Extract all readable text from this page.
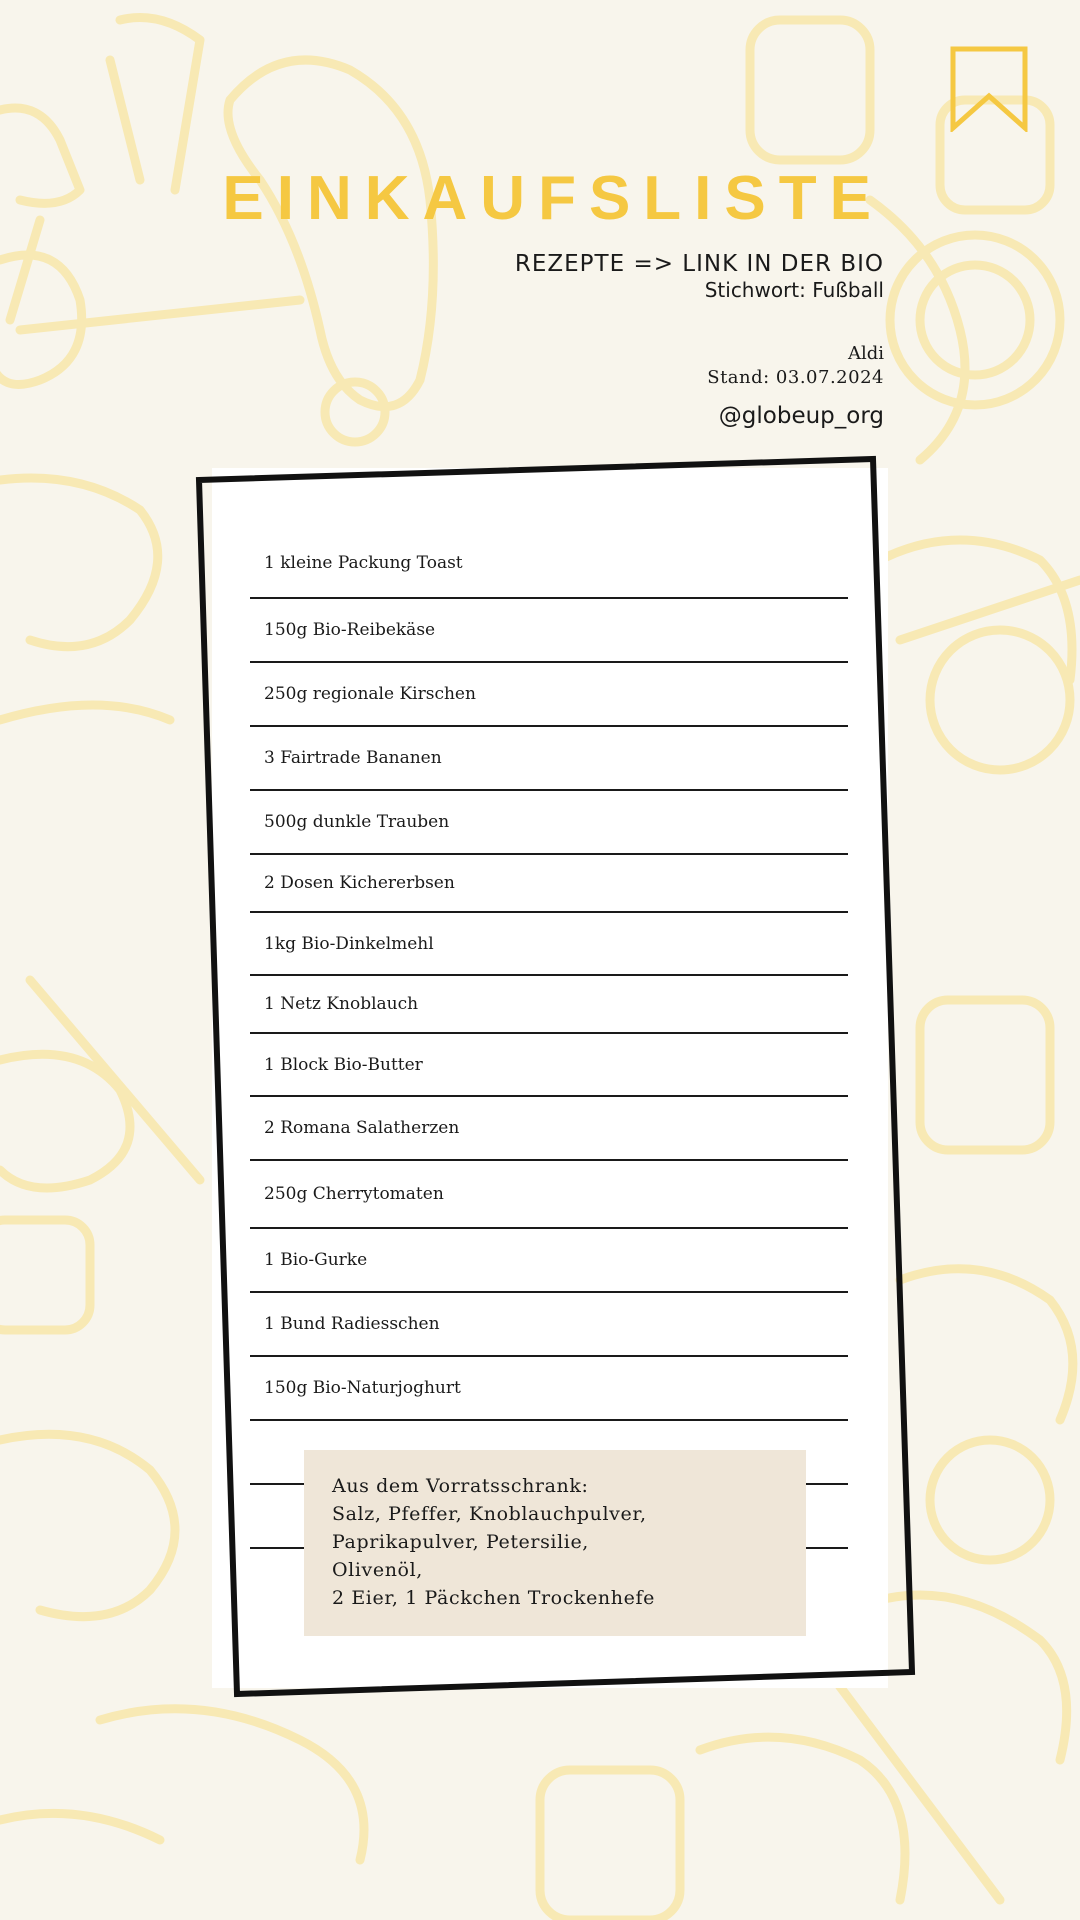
EINKAUFSLISTE
REZEPTE => LINK IN DER BIO
Stichwort: Fußball
Aldi
Stand: 03.07.2024
@globeup_org
1 kleine Packung Toast
150g Bio-Reibekäse
250g regionale Kirschen
3 Fairtrade Bananen
500g dunkle Trauben
2 Dosen Kichererbsen
1kg Bio-Dinkelmehl
1 Netz Knoblauch
1 Block Bio-Butter
2 Romana Salatherzen
250g Cherrytomaten
1 Bio-Gurke
1 Bund Radiesschen
150g Bio-Naturjoghurt

Aus dem Vorratsschrank:

Salz, Pfeffer, Knoblauchpulver,

Paprikapulver, Petersilie,

Olivenöl,

2 Eier, 1 Päckchen Trockenhefe
